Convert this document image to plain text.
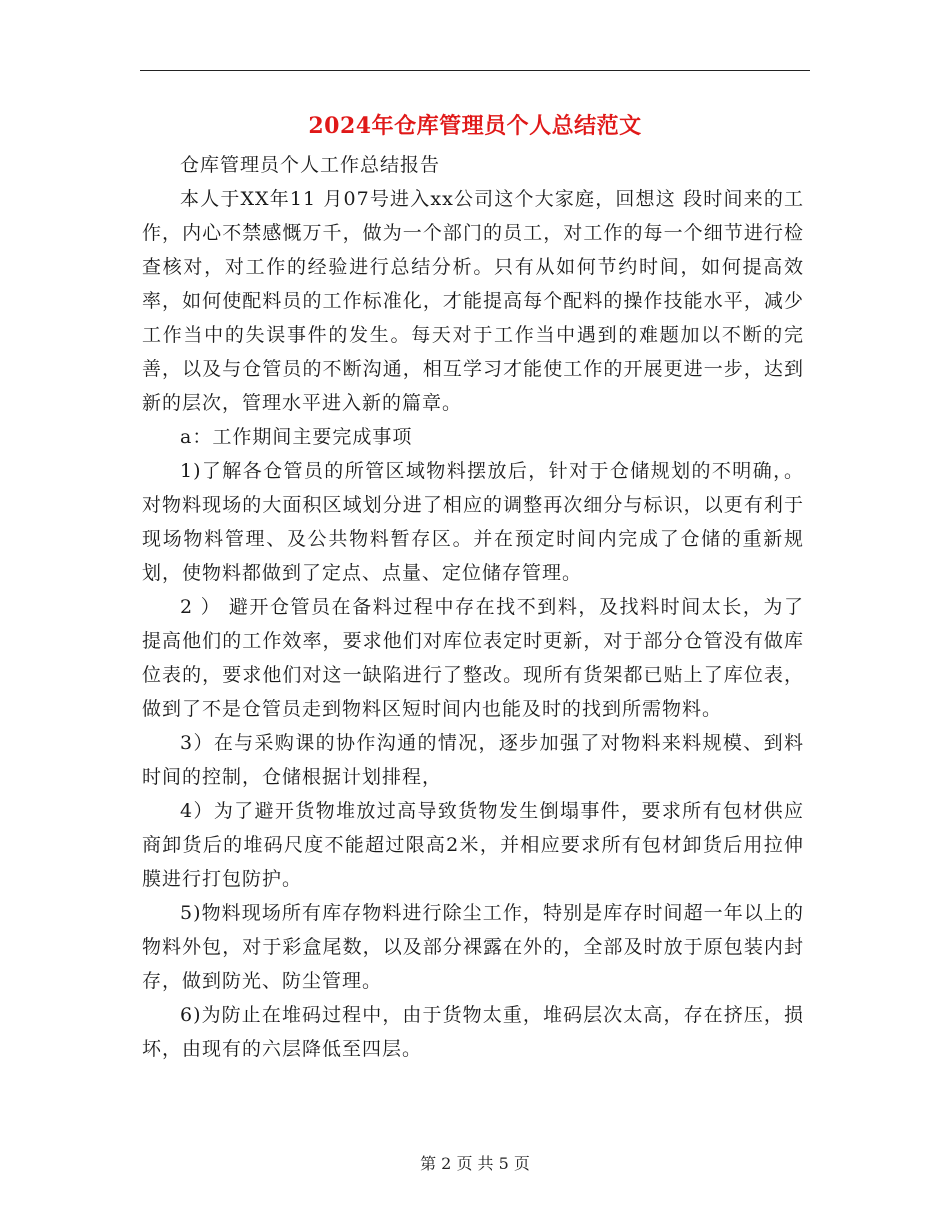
2024年仓库管理员个人总结范文

仓库管理员个人工作总结报告

本人于XX年11 月07号进入xx公司这个大家庭，回想这 段时间来的工作，内心不禁感慨万千，做为一个部门的员工，对工作的每一个细节进行检查核对，对工作的经验进行总结分析。只有从如何节约时间，如何提高效率，如何使配料员的工作标准化，才能提高每个配料的操作技能水平，减少工作当中的失误事件的发生。每天对于工作当中遇到的难题加以不断的完善，以及与仓管员的不断沟通，相互学习才能使工作的开展更进一步，达到新的层次，管理水平进入新的篇章。

a：工作期间主要完成事项

1)了解各仓管员的所管区域物料摆放后，针对于仓储规划的不明确，。对物料现场的大面积区域划分进了相应的调整再次细分与标识，以更有利于现场物料管理、及公共物料暂存区。并在预定时间内完成了仓储的重新规划，使物料都做到了定点、点量、定位储存管理。

2 ） 避开仓管员在备料过程中存在找不到料，及找料时间太长，为了提高他们的工作效率，要求他们对库位表定时更新，对于部分仓管没有做库位表的，要求他们对这一缺陷进行了整改。现所有货架都已贴上了库位表，做到了不是仓管员走到物料区短时间内也能及时的找到所需物料。

3）在与采购课的协作沟通的情况，逐步加强了对物料来料规模、到料时间的控制，仓储根据计划排程，

4）为了避开货物堆放过高导致货物发生倒塌事件，要求所有包材供应商卸货后的堆码尺度不能超过限高2米，并相应要求所有包材卸货后用拉伸膜进行打包防护。

5)物料现场所有库存物料进行除尘工作，特别是库存时间超一年以上的物料外包，对于彩盒尾数，以及部分裸露在外的，全部及时放于原包装内封存，做到防光、防尘管理。

6)为防止在堆码过程中，由于货物太重，堆码层次太高，存在挤压，损坏，由现有的六层降低至四层。

第 2 页 共 5 页
